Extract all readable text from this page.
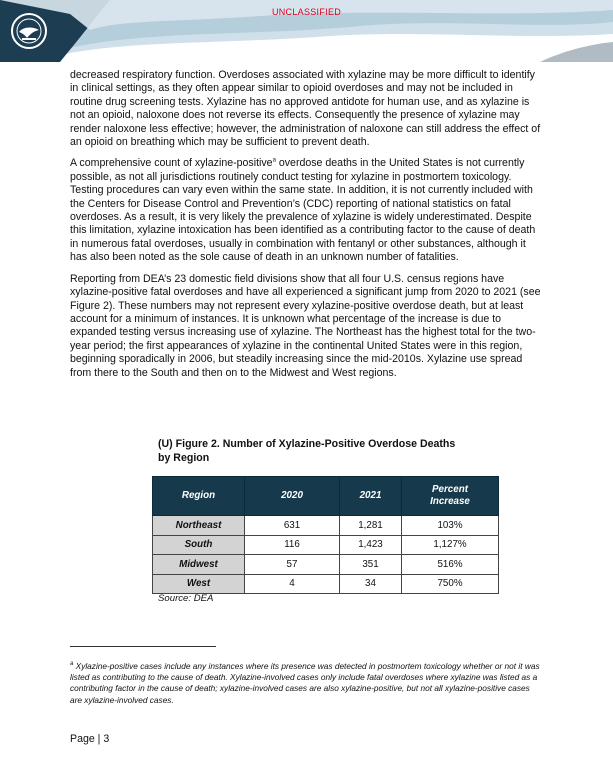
UNCLASSIFIED

decreased respiratory function. Overdoses associated with xylazine may be more difficult to identify in clinical settings, as they often appear similar to opioid overdoses and may not be included in routine drug screening tests. Xylazine has no approved antidote for human use, and as xylazine is not an opioid, naloxone does not reverse its effects. Consequently the presence of xylazine may render naloxone less effective; however, the administration of naloxone can still address the effect of an opioid on breathing which may be sufficient to prevent death.

A comprehensive count of xylazine-positive$^a$ overdose deaths in the United States is not currently possible, as not all jurisdictions routinely conduct testing for xylazine in postmortem toxicology. Testing procedures can vary even within the same state. In addition, it is not currently included with the Centers for Disease Control and Prevention’s (CDC) reporting of national statistics on fatal overdoses. As a result, it is very likely the prevalence of xylazine is widely underestimated. Despite this limitation, xylazine intoxication has been identified as a contributing factor to the cause of death in numerous fatal overdoses, usually in combination with fentanyl or other substances, although it has also been noted as the sole cause of death in an unknown number of fatalities.

Reporting from DEA’s 23 domestic field divisions show that all four U.S. census regions have xylazine-positive fatal overdoses and have all experienced a significant jump from 2020 to 2021 (see Figure 2). These numbers may not represent every xylazine-positive overdose death, but at least account for a minimum of instances. It is unknown what percentage of the increase is due to expanded testing versus increasing use of xylazine. The Northeast has the highest total for the two-year period; the first appearances of xylazine in the continental United States were in this region, beginning sporadically in 2006, but steadily increasing since the mid-2010s. Xylazine use spread from there to the South and then on to the Midwest and West regions.

(U) Figure 2. Number of Xylazine-Positive Overdose Deaths by Region
Region	2020	2021	Percent Increase
Northeast	631	1,281	103%
South	116	1,423	1,127%
Midwest	57	351	516%
West	4	34	750%
Source: DEA
$^a$ Xylazine-positive cases include any instances where its presence was detected in postmortem toxicology whether or not it was listed as contributing to the cause of death. Xylazine-involved cases only include fatal overdoses where xylazine was listed as a contributing factor in the cause of death; xylazine-involved cases are also xylazine-positive, but not all xylazine-positive cases are xylazine-involved cases.
Page | 3
